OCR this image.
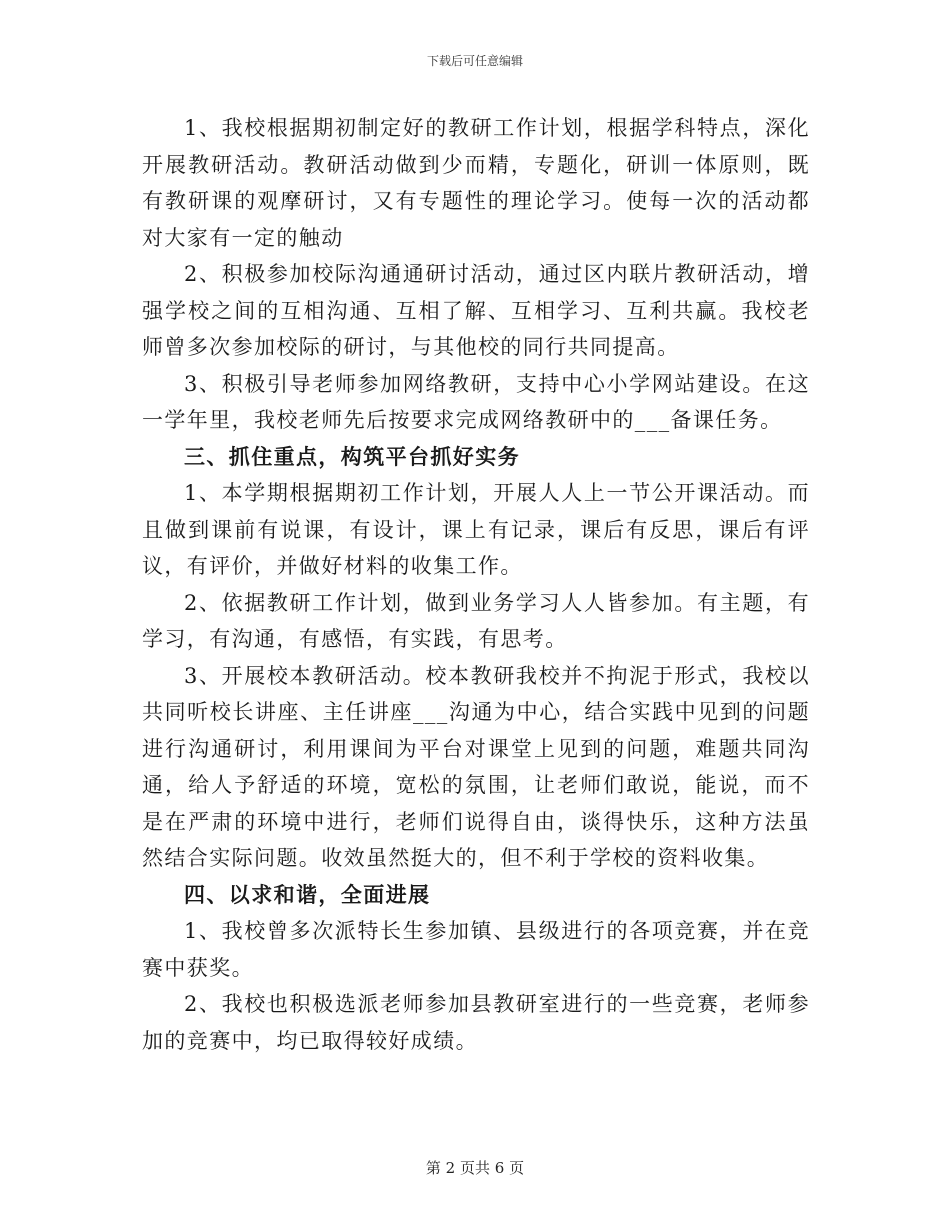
下载后可任意编辑

1、我校根据期初制定好的教研工作计划，根据学科特点，深化开展教研活动。教研活动做到少而精，专题化，研训一体原则，既有教研课的观摩研讨，又有专题性的理论学习。使每一次的活动都对大家有一定的触动

2、积极参加校际沟通通研讨活动，通过区内联片教研活动，增强学校之间的互相沟通、互相了解、互相学习、互利共赢。我校老师曾多次参加校际的研讨，与其他校的同行共同提高。

3、积极引导老师参加网络教研，支持中心小学网站建设。在这一学年里，我校老师先后按要求完成网络教研中的___备课任务。

三、抓住重点，构筑平台抓好实务

1、本学期根据期初工作计划，开展人人上一节公开课活动。而且做到课前有说课，有设计，课上有记录，课后有反思，课后有评议，有评价，并做好材料的收集工作。

2、依据教研工作计划，做到业务学习人人皆参加。有主题，有学习，有沟通，有感悟，有实践，有思考。

3、开展校本教研活动。校本教研我校并不拘泥于形式，我校以共同听校长讲座、主任讲座___沟通为中心，结合实践中见到的问题进行沟通研讨，利用课间为平台对课堂上见到的问题，难题共同沟通，给人予舒适的环境，宽松的氛围，让老师们敢说，能说，而不是在严肃的环境中进行，老师们说得自由，谈得快乐，这种方法虽然结合实际问题。收效虽然挺大的，但不利于学校的资料收集。

四、以求和谐，全面进展

1、我校曾多次派特长生参加镇、县级进行的各项竞赛，并在竞赛中获奖。

2、我校也积极选派老师参加县教研室进行的一些竞赛，老师参加的竞赛中，均已取得较好成绩。

第 2 页共 6 页
